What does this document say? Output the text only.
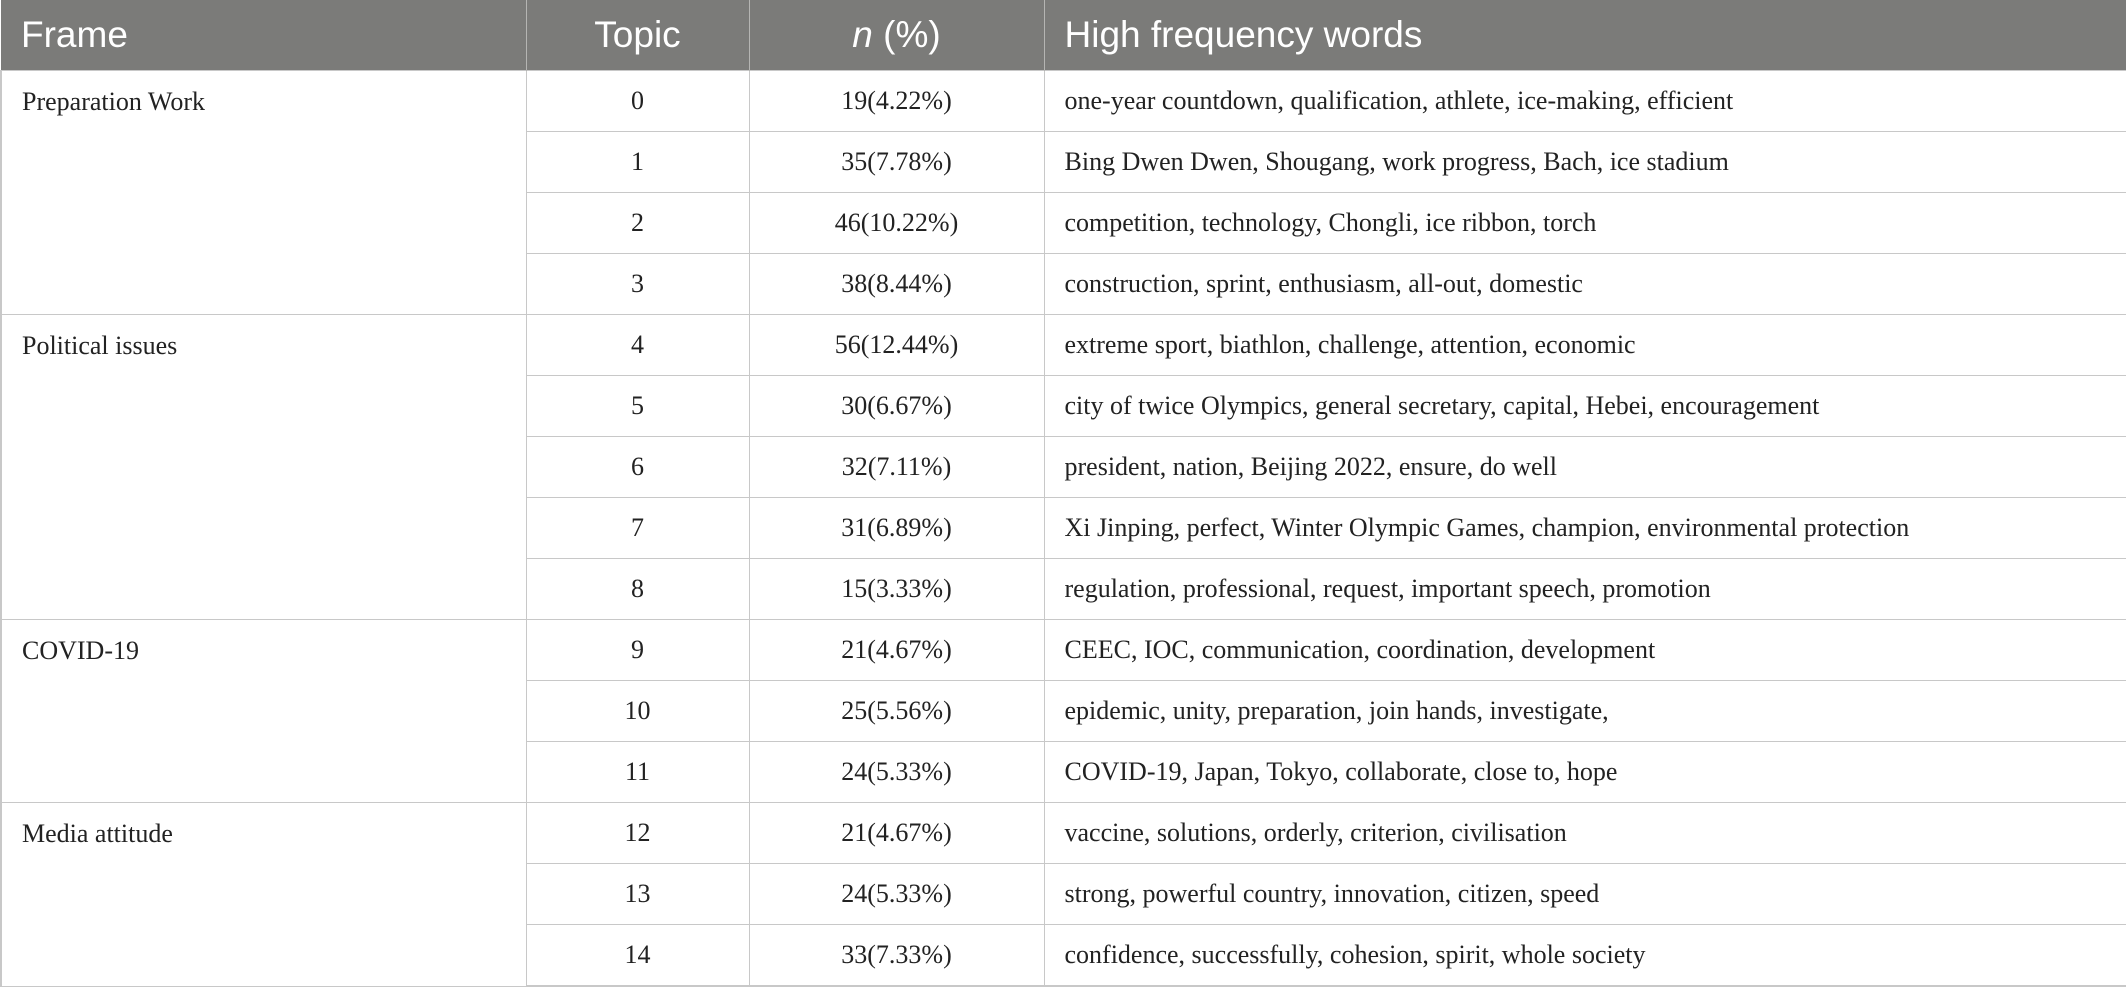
Frame	Topic	n (%)	High frequency words
Preparation Work	0	19(4.22%)	one-year countdown, qualification, athlete, ice-making, efficient
	1	35(7.78%)	Bing Dwen Dwen, Shougang, work progress, Bach, ice stadium
	2	46(10.22%)	competition, technology, Chongli, ice ribbon, torch
	3	38(8.44%)	construction, sprint, enthusiasm, all-out, domestic
Political issues	4	56(12.44%)	extreme sport, biathlon, challenge, attention, economic
	5	30(6.67%)	city of twice Olympics, general secretary, capital, Hebei, encouragement
	6	32(7.11%)	president, nation, Beijing 2022, ensure, do well
	7	31(6.89%)	Xi Jinping, perfect, Winter Olympic Games, champion, environmental protection
	8	15(3.33%)	regulation, professional, request, important speech, promotion
COVID-19	9	21(4.67%)	CEEC, IOC, communication, coordination, development
	10	25(5.56%)	epidemic, unity, preparation, join hands, investigate,
	11	24(5.33%)	COVID-19, Japan, Tokyo, collaborate, close to, hope
Media attitude	12	21(4.67%)	vaccine, solutions, orderly, criterion, civilisation
	13	24(5.33%)	strong, powerful country, innovation, citizen, speed
	14	33(7.33%)	confidence, successfully, cohesion, spirit, whole society
